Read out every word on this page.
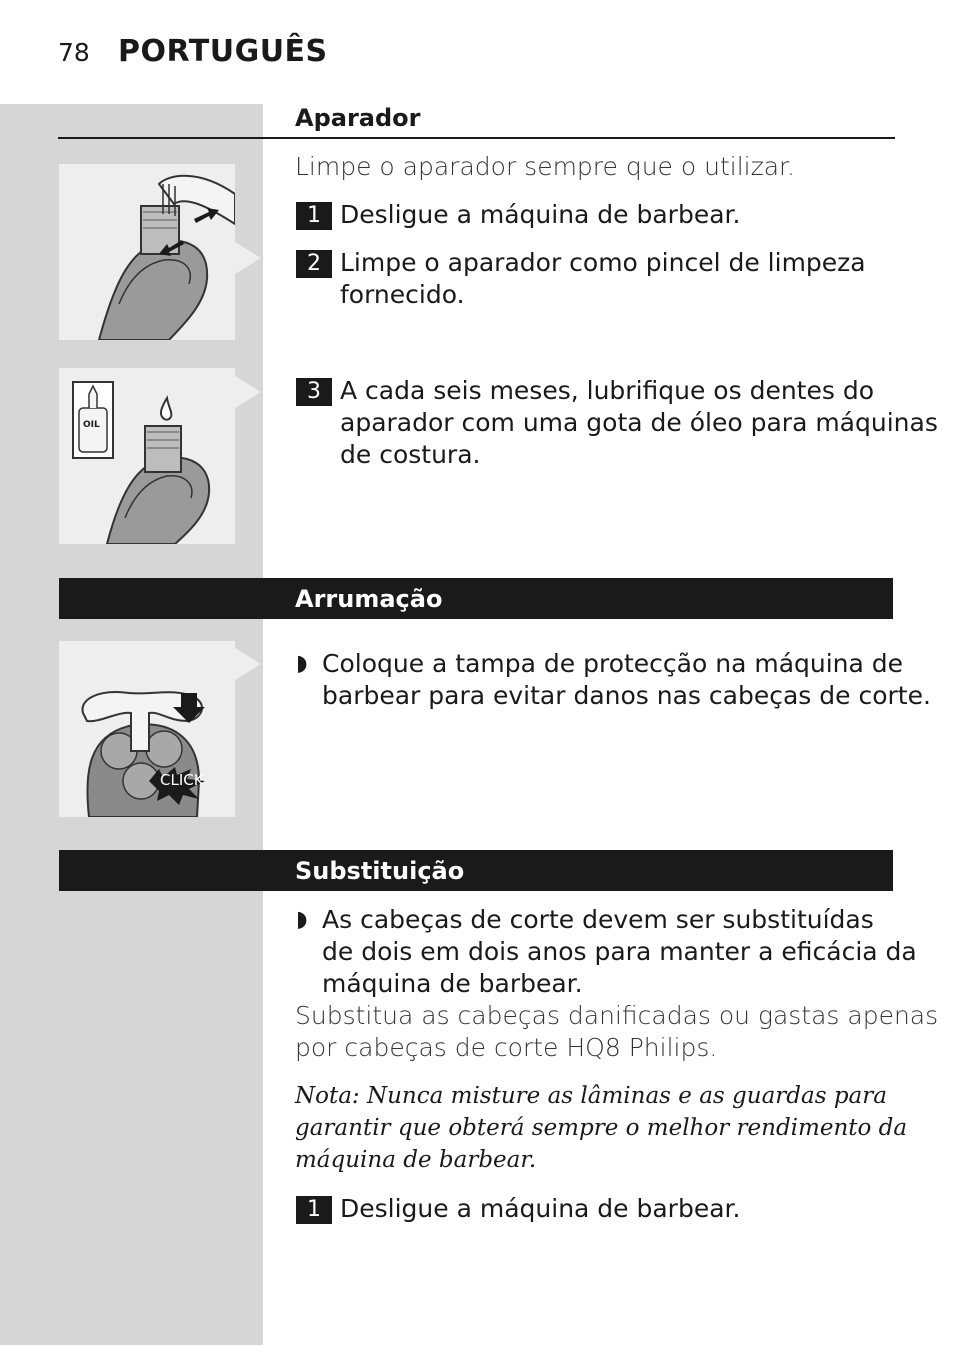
78 PORTUGUÊS
Aparador
Limpe o aparador sempre que o utilizar.
1 Desligue a máquina de barbear.
2 Limpe o aparador como pincel de limpeza
fornecido.
3 A cada seis meses, lubrifique os dentes do
aparador com uma gota de óleo para máquinas
de costura.
OIL
Arrumação
◗ Coloque a tampa de protecção na máquina de
barbear para evitar danos nas cabeças de corte.
CLICK
Substituição
◗ As cabeças de corte devem ser substituídas
de dois em dois anos para manter a eficácia da
máquina de barbear.
Substitua as cabeças danificadas ou gastas apenas
por cabeças de corte HQ8 Philips.
Nota: Nunca misture as lâminas e as guardas para
garantir que obterá sempre o melhor rendimento da
máquina de barbear.
1 Desligue a máquina de barbear.
